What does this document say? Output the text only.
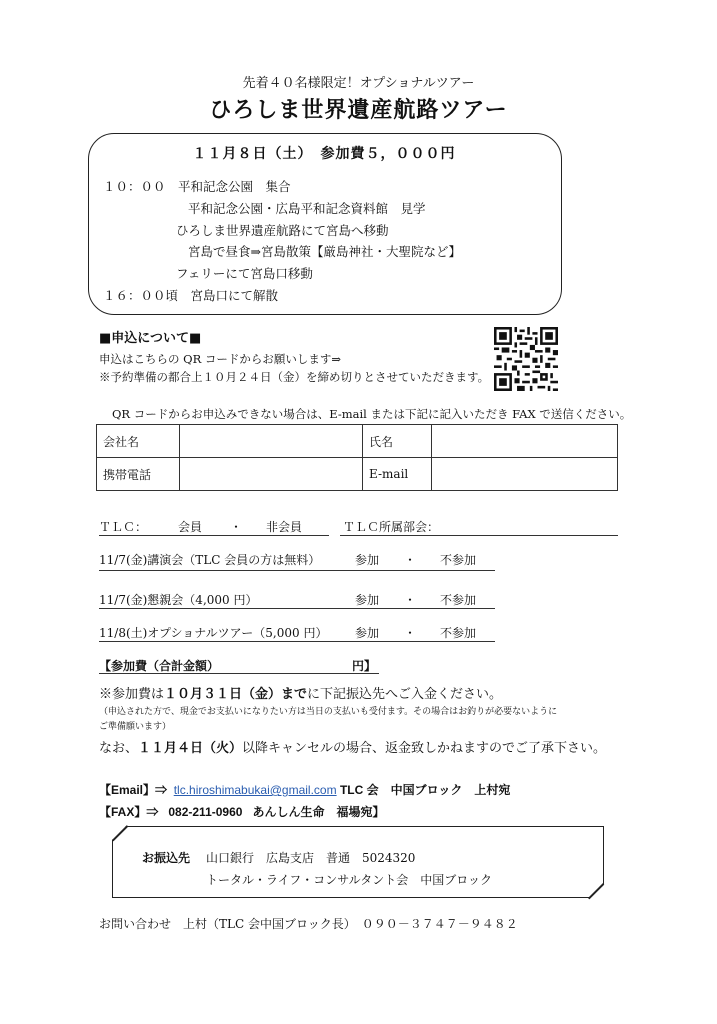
先着４０名様限定！オプショナルツアー
ひろしま世界遺産航路ツアー
１１月８日（土）　参加費５，０００円
１０：００　平和記念公園　集合
平和記念公園・広島平和記念資料館　見学
ひろしま世界遺産航路にて宮島へ移動
宮島で昼食⇒宮島散策【厳島神社・大聖院など】
フェリーにて宮島口移動
１６：００頃　宮島口にて解散
■申込について■
申込はこちらの QR コードからお願いします⇒
※予約準備の都合上１０月２４日（金）を締め切りとさせていただきます。
QR コードからお申込みできない場合は、E-mail または下記に記入いただき FAX で送信ください。
会社名		氏名	
携帯電話		E-mail	
ＴＬＣ：	会員 ・ 非会員	ＴＬＣ所属部会：
11/7(金)講演会（TLC 会員の方は無料）	参加 ・ 不参加
11/7(金)懇親会（4,000 円）	参加 ・ 不参加
11/8(土)オプショナルツアー（5,000 円） 参加 ・ 不参加
【参加費（合計金額）	円】
※参加費は１０月３１日（金）までに下記振込先へご入金ください。
（申込された方で、現金でお支払いになりたい方は当日の支払いも受付ます。その場合はお釣りが必要ないように
ご準備願います）
なお、１１月４日（火）以降キャンセルの場合、返金致しかねますのでご了承下さい。
【Email】⇒ tlc.hiroshimabukai@gmail.com TLC 会　中国ブロック　上村宛
【FAX】⇒ 082-211-0960 あんしん生命　福場宛】
お振込先 山口銀行　広島支店　普通　5024320
トータル・ライフ・コンサルタント会　中国ブロック
お問い合わせ　上村（TLC 会中国ブロック長）　０９０－３７４７－９４８２
